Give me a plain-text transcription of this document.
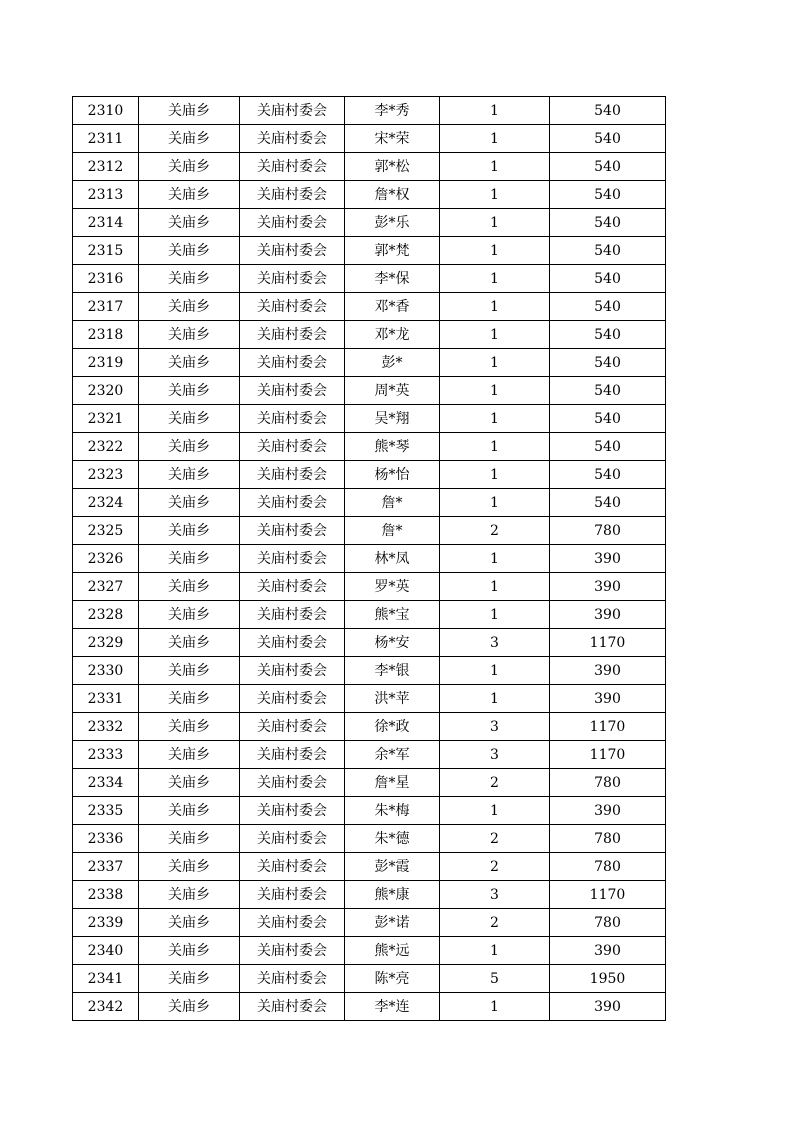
2310	关庙乡	关庙村委会	李*秀	1	540
2311	关庙乡	关庙村委会	宋*荣	1	540
2312	关庙乡	关庙村委会	郭*松	1	540
2313	关庙乡	关庙村委会	詹*权	1	540
2314	关庙乡	关庙村委会	彭*乐	1	540
2315	关庙乡	关庙村委会	郭*梵	1	540
2316	关庙乡	关庙村委会	李*保	1	540
2317	关庙乡	关庙村委会	邓*香	1	540
2318	关庙乡	关庙村委会	邓*龙	1	540
2319	关庙乡	关庙村委会	彭*	1	540
2320	关庙乡	关庙村委会	周*英	1	540
2321	关庙乡	关庙村委会	吴*翔	1	540
2322	关庙乡	关庙村委会	熊*琴	1	540
2323	关庙乡	关庙村委会	杨*怡	1	540
2324	关庙乡	关庙村委会	詹*	1	540
2325	关庙乡	关庙村委会	詹*	2	780
2326	关庙乡	关庙村委会	林*凤	1	390
2327	关庙乡	关庙村委会	罗*英	1	390
2328	关庙乡	关庙村委会	熊*宝	1	390
2329	关庙乡	关庙村委会	杨*安	3	1170
2330	关庙乡	关庙村委会	李*银	1	390
2331	关庙乡	关庙村委会	洪*苹	1	390
2332	关庙乡	关庙村委会	徐*政	3	1170
2333	关庙乡	关庙村委会	余*军	3	1170
2334	关庙乡	关庙村委会	詹*星	2	780
2335	关庙乡	关庙村委会	朱*梅	1	390
2336	关庙乡	关庙村委会	朱*德	2	780
2337	关庙乡	关庙村委会	彭*霞	2	780
2338	关庙乡	关庙村委会	熊*康	3	1170
2339	关庙乡	关庙村委会	彭*诺	2	780
2340	关庙乡	关庙村委会	熊*远	1	390
2341	关庙乡	关庙村委会	陈*亮	5	1950
2342	关庙乡	关庙村委会	李*连	1	390
